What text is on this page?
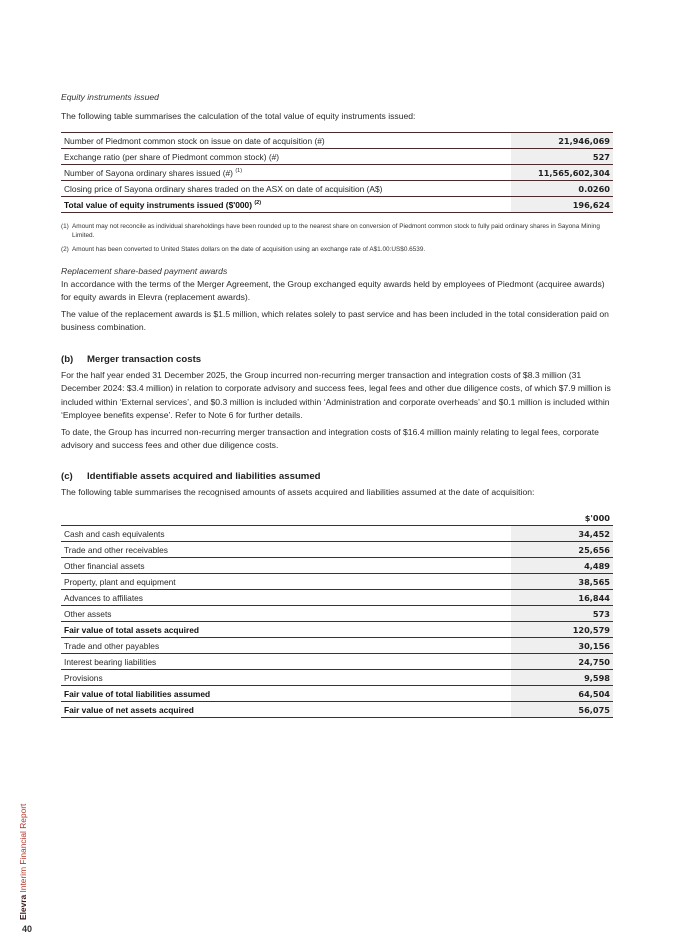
Equity instruments issued
The following table summarises the calculation of the total value of equity instruments issued:
Number of Piedmont common stock on issue on date of acquisition (#)	21,946,069
Exchange ratio (per share of Piedmont common stock) (#)	527
Number of Sayona ordinary shares issued (#) $^{(1)}$	11,565,602,304
Closing price of Sayona ordinary shares traded on the ASX on date of acquisition (A$)	0.0260
Total value of equity instruments issued ($'000) $^{(2)}$	196,624
(1) Amount may not reconcile as individual shareholdings have been rounded up to the nearest share on conversion of Piedmont common stock to fully paid ordinary shares in Sayona Mining Limited.
(2) Amount has been converted to United States dollars on the date of acquisition using an exchange rate of A$1.00:US$0.6539.
Replacement share-based payment awards
In accordance with the terms of the Merger Agreement, the Group exchanged equity awards held by employees of Piedmont (acquiree awards) for equity awards in Elevra (replacement awards).
The value of the replacement awards is $1.5 million, which relates solely to past service and has been included in the total consideration paid on business combination.
(b) Merger transaction costs
For the half year ended 31 December 2025, the Group incurred non-recurring merger transaction and integration costs of $8.3 million (31 December 2024: $3.4 million) in relation to corporate advisory and success fees, legal fees and other due diligence costs, of which $7.9 million is included within ‘External services’, and $0.3 million is included within ‘Administration and corporate overheads’ and $0.1 million is included within ‘Employee benefits expense’. Refer to Note 6 for further details.
To date, the Group has incurred non-recurring merger transaction and integration costs of $16.4 million mainly relating to legal fees, corporate advisory and success fees and other due diligence costs.
(c) Identifiable assets acquired and liabilities assumed
The following table summarises the recognised amounts of assets acquired and liabilities assumed at the date of acquisition:
	$'000
Cash and cash equivalents	34,452
Trade and other receivables	25,656
Other financial assets	4,489
Property, plant and equipment	38,565
Advances to affiliates	16,844
Other assets	573
Fair value of total assets acquired	120,579
Trade and other payables	30,156
Interest bearing liabilities	24,750
Provisions	9,598
Fair value of total liabilities assumed	64,504
Fair value of net assets acquired	56,075
Elevra Interim Financial Report
40
